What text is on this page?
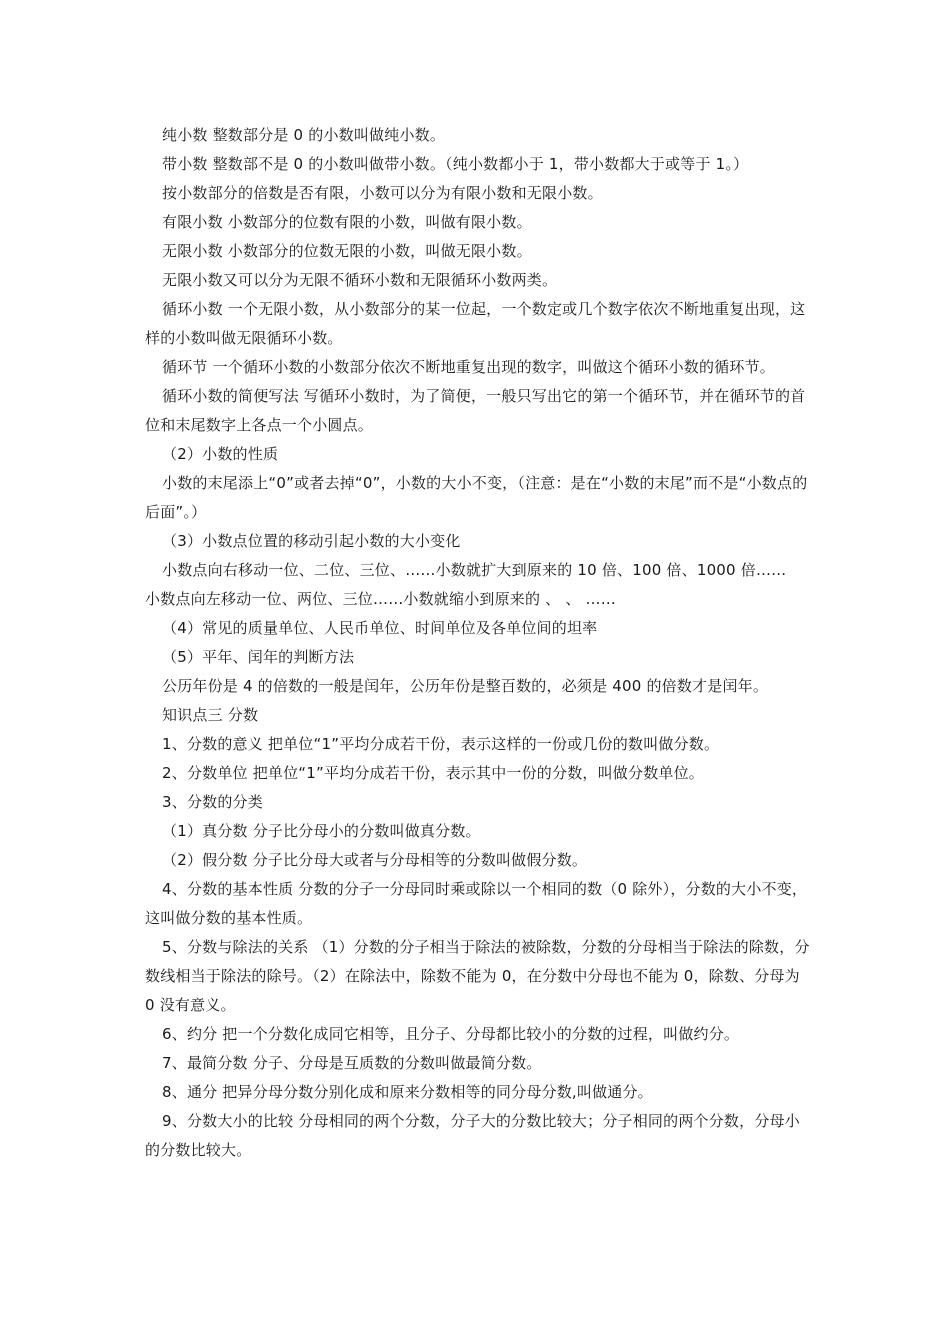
纯小数 整数部分是 0 的小数叫做纯小数。

带小数 整数部不是 0 的小数叫做带小数。（纯小数都小于 1，带小数都大于或等于 1。）

按小数部分的倍数是否有限，小数可以分为有限小数和无限小数。

有限小数 小数部分的位数有限的小数，叫做有限小数。

无限小数 小数部分的位数无限的小数，叫做无限小数。

无限小数又可以分为无限不循环小数和无限循环小数两类。

循环小数 一个无限小数，从小数部分的某一位起，一个数定或几个数字依次不断地重复出现，这样的小数叫做无限循环小数。

循环节 一个循环小数的小数部分依次不断地重复出现的数字，叫做这个循环小数的循环节。

循环小数的简便写法 写循环小数时，为了简便，一般只写出它的第一个循环节，并在循环节的首位和末尾数字上各点一个小圆点。

（2）小数的性质

小数的末尾添上“0”或者去掉“0”，小数的大小不变，（注意：是在“小数的末尾”而不是“小数点的后面”。）

（3）小数点位置的移动引起小数的大小变化

小数点向右移动一位、二位、三位、……小数就扩大到原来的 10 倍、100 倍、1000 倍……

小数点向左移动一位、两位、三位……小数就缩小到原来的 、 、 ……

（4）常见的质量单位、人民币单位、时间单位及各单位间的坦率

（5）平年、闰年的判断方法

公历年份是 4 的倍数的一般是闰年，公历年份是整百数的，必须是 400 的倍数才是闰年。

知识点三 分数

1、分数的意义 把单位“1”平均分成若干份，表示这样的一份或几份的数叫做分数。

2、分数单位 把单位“1”平均分成若干份，表示其中一份的分数，叫做分数单位。

3、分数的分类

（1）真分数 分子比分母小的分数叫做真分数。

（2）假分数 分子比分母大或者与分母相等的分数叫做假分数。

4、分数的基本性质 分数的分子一分母同时乘或除以一个相同的数（0 除外），分数的大小不变，这叫做分数的基本性质。

5、分数与除法的关系 （1）分数的分子相当于除法的被除数，分数的分母相当于除法的除数，分数线相当于除法的除号。（2）在除法中，除数不能为 0，在分数中分母也不能为 0，除数、分母为 0 没有意义。

6、约分 把一个分数化成同它相等，且分子、分母都比较小的分数的过程，叫做约分。

7、最简分数 分子、分母是互质数的分数叫做最简分数。

8、通分 把异分母分数分别化成和原来分数相等的同分母分数,叫做通分。

9、分数大小的比较 分母相同的两个分数，分子大的分数比较大；分子相同的两个分数，分母小的分数比较大。
